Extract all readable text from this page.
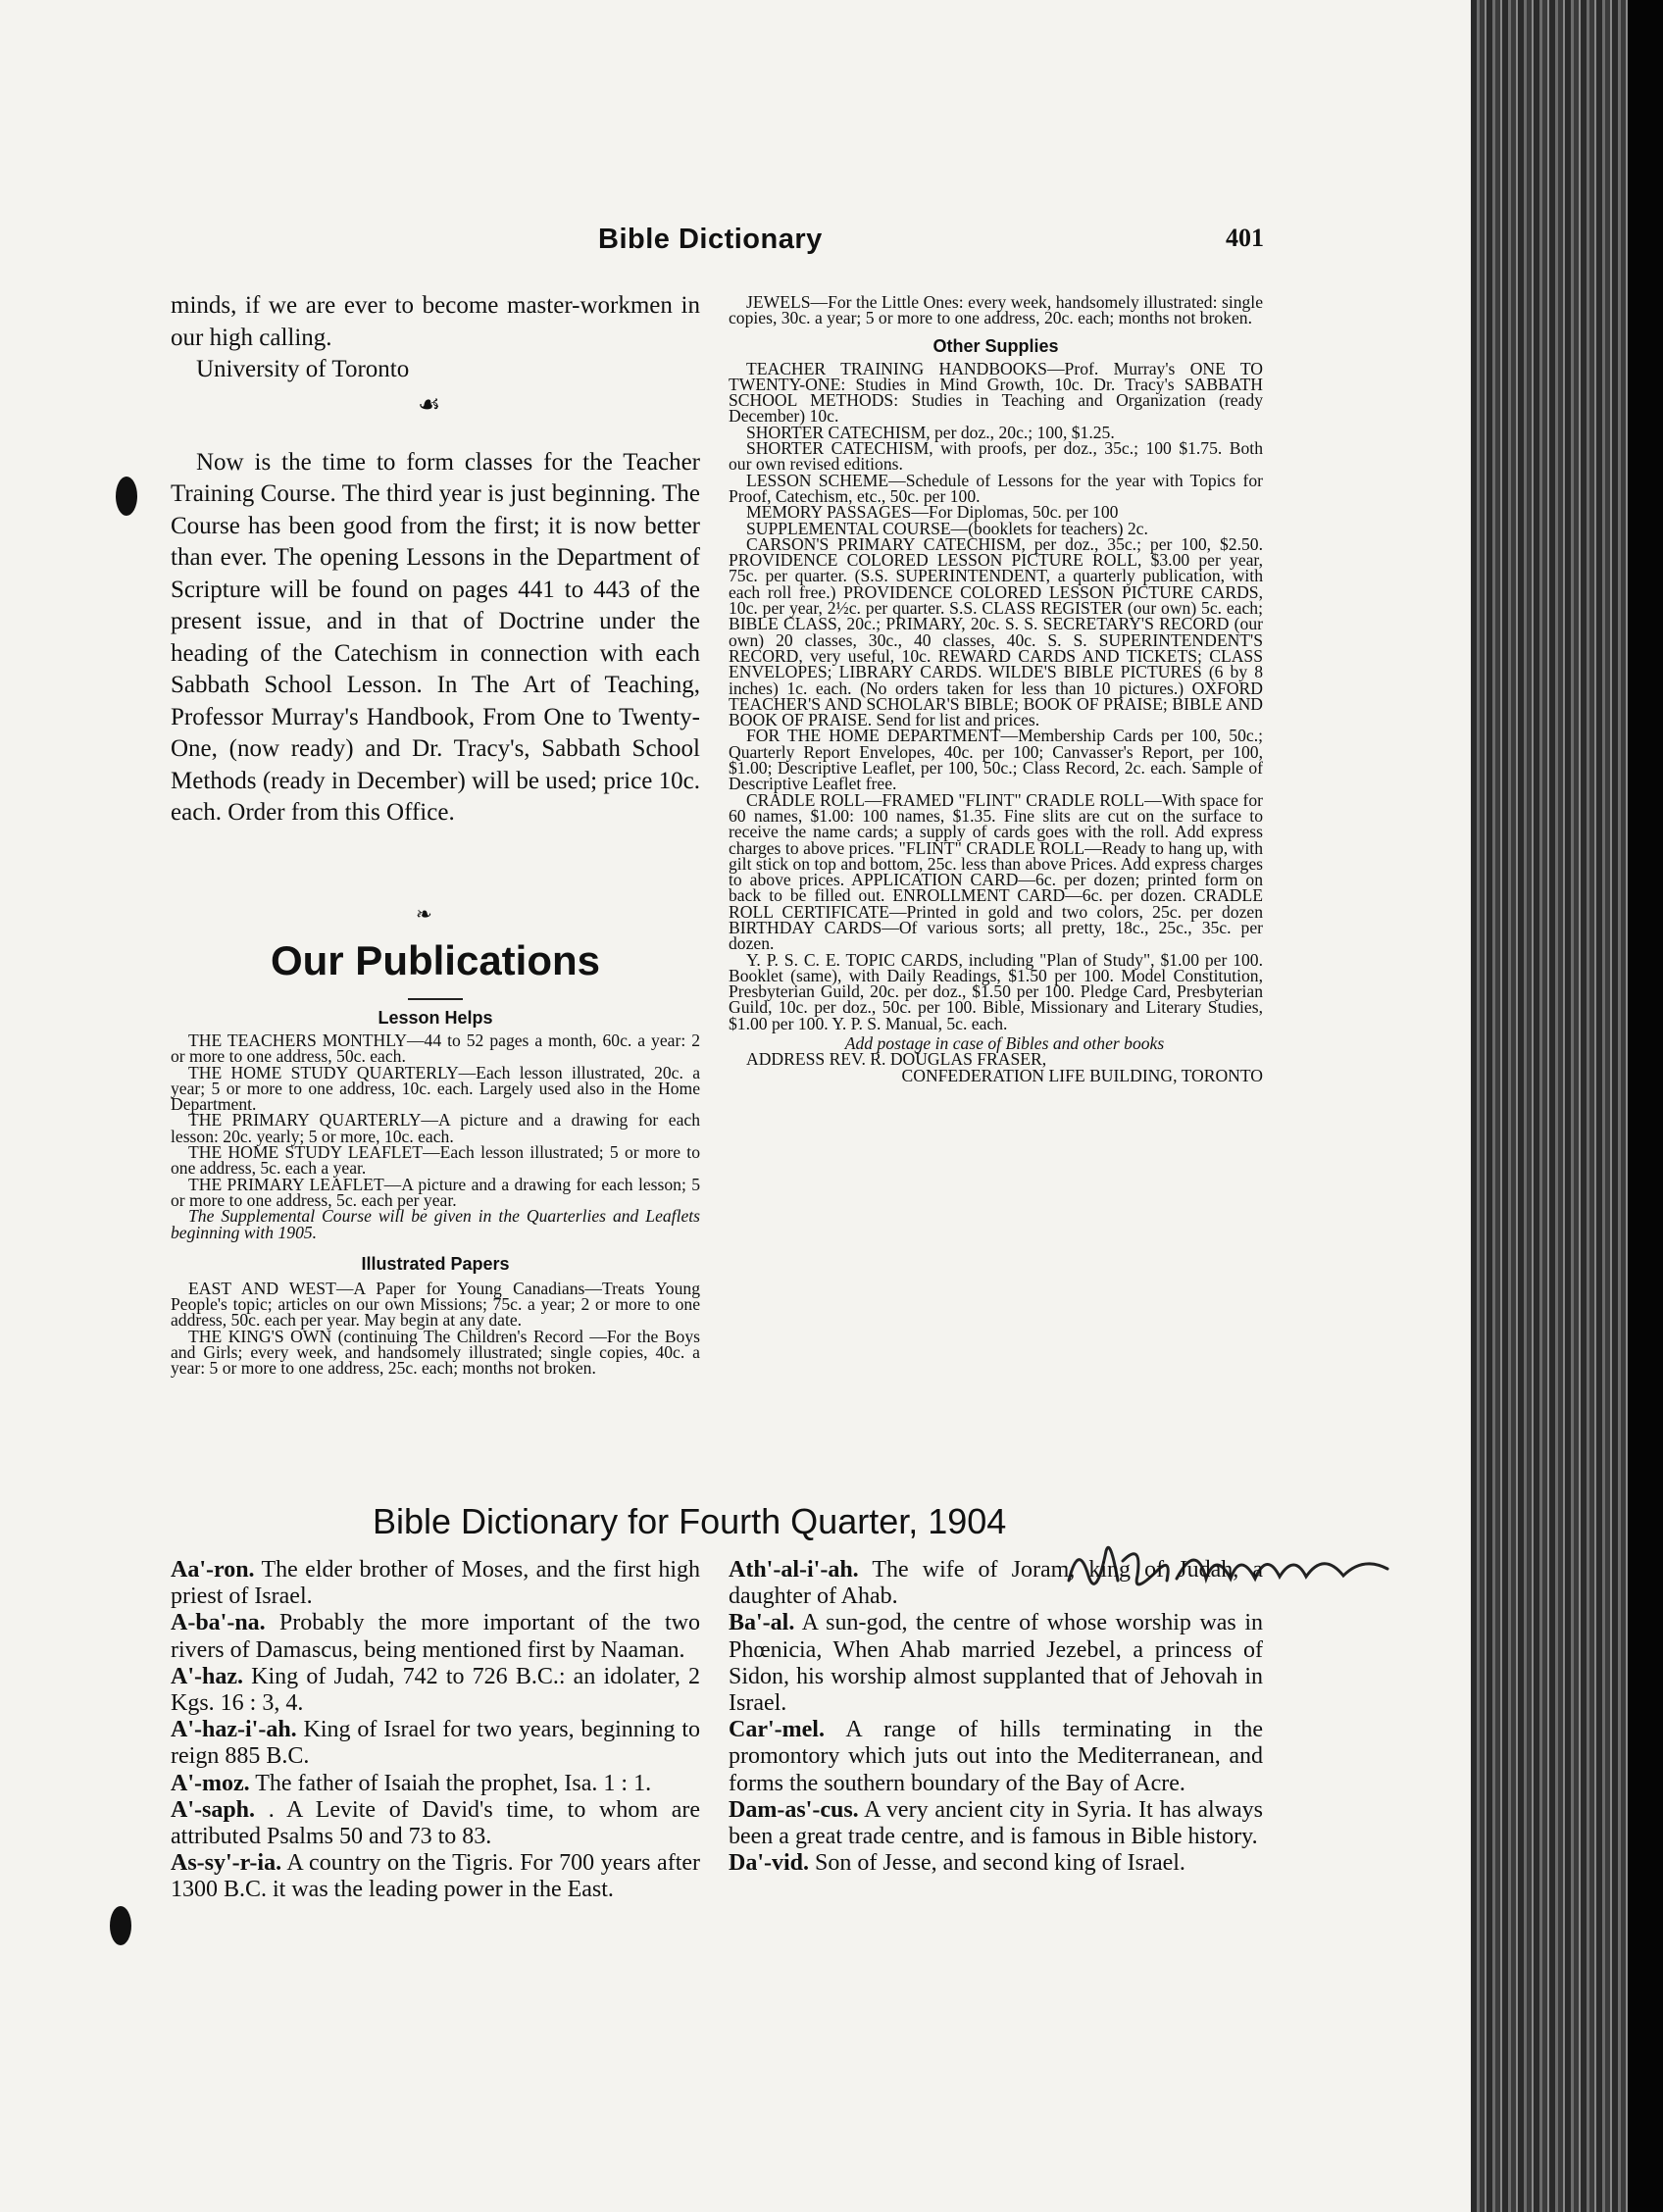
Bible Dictionary	401

minds, if we are ever to become master-workmen in our high calling.

University of Toronto

☙

Now is the time to form classes for the Teacher Training Course. The third year is just beginning. The Course has been good from the first; it is now better than ever. The opening Lessons in the Department of Scripture will be found on pages 441 to 443 of the present issue, and in that of Doctrine under the heading of the Catechism in connection with each Sabbath School Lesson. In The Art of Teaching, Professor Murray's Handbook, From One to Twenty-One, (now ready) and Dr. Tracy's, Sabbath School Methods (ready in December) will be used; price 10c. each. Order from this Office.

❧
Our Publications
Lesson Helps

THE TEACHERS MONTHLY—44 to 52 pages a month, 60c. a year: 2 or more to one address, 50c. each.

THE HOME STUDY QUARTERLY—Each lesson illustrated, 20c. a year; 5 or more to one address, 10c. each. Largely used also in the Home Department.

THE PRIMARY QUARTERLY—A picture and a drawing for each lesson: 20c. yearly; 5 or more, 10c. each.

THE HOME STUDY LEAFLET—Each lesson illustrated; 5 or more to one address, 5c. each a year.

THE PRIMARY LEAFLET—A picture and a drawing for each lesson; 5 or more to one address, 5c. each per year.

The Supplemental Course will be given in the Quarterlies and Leaflets beginning with 1905.

Illustrated Papers

EAST AND WEST—A Paper for Young Canadians—Treats Young People's topic; articles on our own Missions; 75c. a year; 2 or more to one address, 50c. each per year. May begin at any date.

THE KING'S OWN (continuing The Children's Record —For the Boys and Girls; every week, and handsomely illustrated; single copies, 40c. a year: 5 or more to one address, 25c. each; months not broken.

JEWELS—For the Little Ones: every week, handsomely illustrated: single copies, 30c. a year; 5 or more to one address, 20c. each; months not broken.

Other Supplies

TEACHER TRAINING HANDBOOKS—Prof. Murray's ONE TO TWENTY-ONE: Studies in Mind Growth, 10c. Dr. Tracy's SABBATH SCHOOL METHODS: Studies in Teaching and Organization (ready December) 10c.

SHORTER CATECHISM, per doz., 20c.; 100, $1.25.

SHORTER CATECHISM, with proofs, per doz., 35c.; 100 $1.75. Both our own revised editions.

LESSON SCHEME—Schedule of Lessons for the year with Topics for Proof, Catechism, etc., 50c. per 100.

MEMORY PASSAGES—For Diplomas, 50c. per 100

SUPPLEMENTAL COURSE—(booklets for teachers) 2c.

CARSON'S PRIMARY CATECHISM, per doz., 35c.; per 100, $2.50. PROVIDENCE COLORED LESSON PICTURE ROLL, $3.00 per year, 75c. per quarter. (S.S. SUPERINTENDENT, a quarterly publication, with each roll free.) PROVIDENCE COLORED LESSON PICTURE CARDS, 10c. per year, 2½c. per quarter. S.S. CLASS REGISTER (our own) 5c. each; BIBLE CLASS, 20c.; PRIMARY, 20c. S. S. SECRETARY'S RECORD (our own) 20 classes, 30c., 40 classes, 40c. S. S. SUPERINTENDENT'S RECORD, very useful, 10c. REWARD CARDS AND TICKETS; CLASS ENVELOPES; LIBRARY CARDS. WILDE'S BIBLE PICTURES (6 by 8 inches) 1c. each. (No orders taken for less than 10 pictures.) OXFORD TEACHER'S AND SCHOLAR'S BIBLE; BOOK OF PRAISE; BIBLE AND BOOK OF PRAISE. Send for list and prices.

FOR THE HOME DEPARTMENT—Membership Cards per 100, 50c.; Quarterly Report Envelopes, 40c. per 100; Canvasser's Report, per 100, $1.00; Descriptive Leaflet, per 100, 50c.; Class Record, 2c. each. Sample of Descriptive Leaflet free.

CRADLE ROLL—FRAMED "FLINT" CRADLE ROLL—With space for 60 names, $1.00: 100 names, $1.35. Fine slits are cut on the surface to receive the name cards; a supply of cards goes with the roll. Add express charges to above prices. "FLINT" CRADLE ROLL—Ready to hang up, with gilt stick on top and bottom, 25c. less than above Prices. Add express charges to above prices. APPLICATION CARD—6c. per dozen; printed form on back to be filled out. ENROLLMENT CARD—6c. per dozen. CRADLE ROLL CERTIFICATE—Printed in gold and two colors, 25c. per dozen BIRTHDAY CARDS—Of various sorts; all pretty, 18c., 25c., 35c. per dozen.

Y. P. S. C. E. TOPIC CARDS, including "Plan of Study", $1.00 per 100. Booklet (same), with Daily Readings, $1.50 per 100. Model Constitution, Presbyterian Guild, 20c. per doz., $1.50 per 100. Pledge Card, Presbyterian Guild, 10c. per doz., 50c. per 100. Bible, Missionary and Literary Studies, $1.00 per 100. Y. P. S. Manual, 5c. each.

Add postage in case of Bibles and other books

ADDRESS REV. R. DOUGLAS FRASER,

CONFEDERATION LIFE BUILDING, TORONTO

Bible Dictionary for Fourth Quarter, 1904

Aa'-ron. The elder brother of Moses, and the first high priest of Israel.

A-ba'-na. Probably the more important of the two rivers of Damascus, being mentioned first by Naaman.

A'-haz. King of Judah, 742 to 726 B.C.: an idolater, 2 Kgs. 16 : 3, 4.

A'-haz-i'-ah. King of Israel for two years, beginning to reign 885 B.C.

A'-moz. The father of Isaiah the prophet, Isa. 1 : 1.

A'-saph. . A Levite of David's time, to whom are attributed Psalms 50 and 73 to 83.

As-sy'-r-ia. A country on the Tigris. For 700 years after 1300 B.C. it was the leading power in the East.

Ath'-al-i'-ah. The wife of Joram, king of Judah, a daughter of Ahab.

Ba'-al. A sun-god, the centre of whose worship was in Phœnicia, When Ahab married Jezebel, a princess of Sidon, his worship almost supplanted that of Jehovah in Israel.

Car'-mel. A range of hills terminating in the promontory which juts out into the Mediterranean, and forms the southern boundary of the Bay of Acre.

Dam-as'-cus. A very ancient city in Syria. It has always been a great trade centre, and is famous in Bible history.

Da'-vid. Son of Jesse, and second king of Israel.
